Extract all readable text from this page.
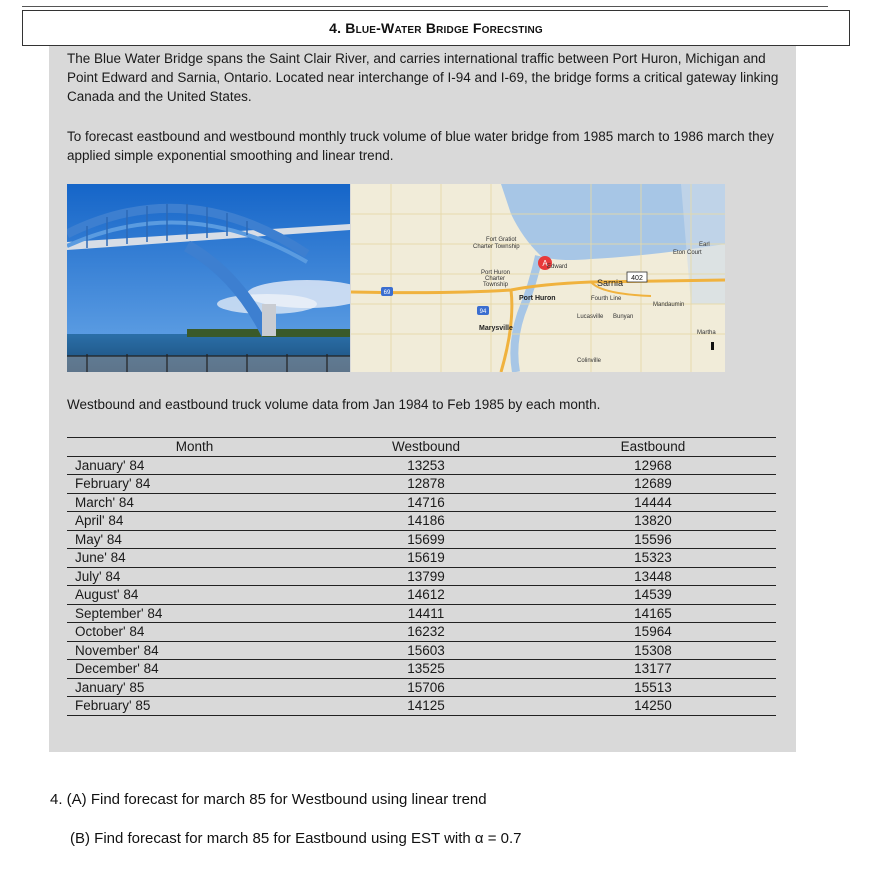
4. Blue-Water Bridge Forecsting
The Blue Water Bridge spans the Saint Clair River, and carries international traffic between Port Huron, Michigan and Point Edward and Sarnia, Ontario. Located near interchange of I-94 and I-69, the bridge forms a critical gateway linking Canada and the United States.
To forecast eastbound and westbound monthly truck volume of blue water bridge from 1985 march to 1986 march they applied simple exponential smoothing and linear trend.
A
69
94
402
Fort Gratiot
Charter Township
Port Huron
Charter
Township
Edward
Eton Court
Earl
Fourth Line
Mandaumin
Lucasville Bunyan
Martha
Colinville
Port Huron
Sarnia
Marysville
Westbound and eastbound truck volume data from Jan 1984 to Feb 1985 by each month.
Month	Westbound	Eastbound
January' 84	13253	12968
February' 84	12878	12689
March' 84	14716	14444
April' 84	14186	13820
May' 84	15699	15596
June' 84	15619	15323
July' 84	13799	13448
August' 84	14612	14539
September' 84	14411	14165
October' 84	16232	15964
November' 84	15603	15308
December' 84	13525	13177
January' 85	15706	15513
February' 85	14125	14250
4. (A) Find forecast for march 85 for Westbound using linear trend
(B) Find forecast for march 85 for Eastbound using EST with α = 0.7
